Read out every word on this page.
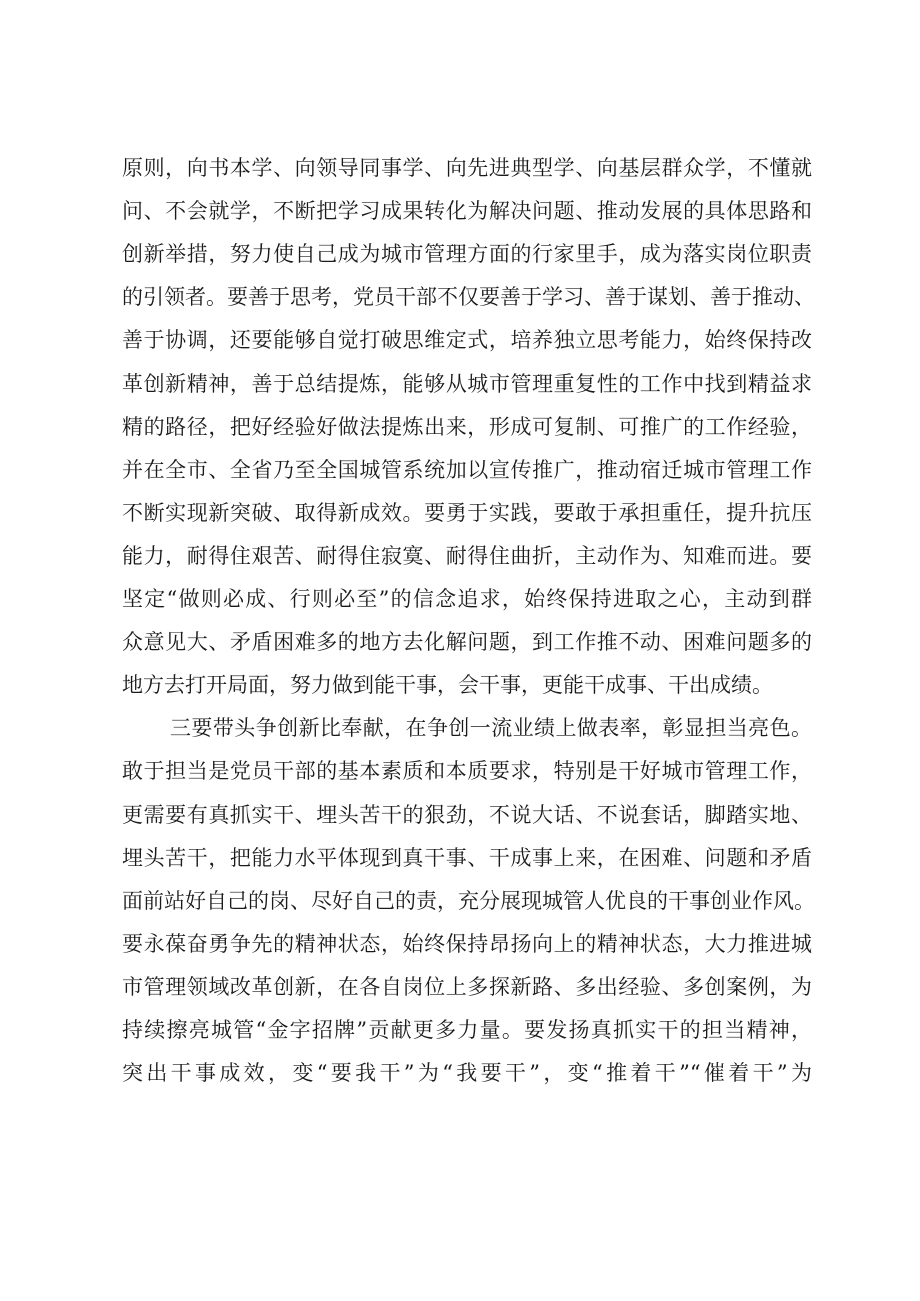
原则，向书本学、向领导同事学、向先进典型学、向基层群众学，不懂就
问、不会就学，不断把学习成果转化为解决问题、推动发展的具体思路和
创新举措，努力使自己成为城市管理方面的行家里手，成为落实岗位职责
的引领者。要善于思考，党员干部不仅要善于学习、善于谋划、善于推动、
善于协调，还要能够自觉打破思维定式，培养独立思考能力，始终保持改
革创新精神，善于总结提炼，能够从城市管理重复性的工作中找到精益求
精的路径，把好经验好做法提炼出来，形成可复制、可推广的工作经验，
并在全市、全省乃至全国城管系统加以宣传推广，推动宿迁城市管理工作
不断实现新突破、取得新成效。要勇于实践，要敢于承担重任，提升抗压
能力，耐得住艰苦、耐得住寂寞、耐得住曲折，主动作为、知难而进。要
坚定“做则必成、行则必至”的信念追求，始终保持进取之心，主动到群
众意见大、矛盾困难多的地方去化解问题，到工作推不动、困难问题多的
地方去打开局面，努力做到能干事，会干事，更能干成事、干出成绩。
三要带头争创新比奉献，在争创一流业绩上做表率，彰显担当亮色。
敢于担当是党员干部的基本素质和本质要求，特别是干好城市管理工作，
更需要有真抓实干、埋头苦干的狠劲，不说大话、不说套话，脚踏实地、
埋头苦干，把能力水平体现到真干事、干成事上来，在困难、问题和矛盾
面前站好自己的岗、尽好自己的责，充分展现城管人优良的干事创业作风。
要永葆奋勇争先的精神状态，始终保持昂扬向上的精神状态，大力推进城
市管理领域改革创新，在各自岗位上多探新路、多出经验、多创案例，为
持续擦亮城管“金字招牌”贡献更多力量。要发扬真抓实干的担当精神，
突出干事成效，变“要我干”为“我要干”，变“推着干”“催着干”为
